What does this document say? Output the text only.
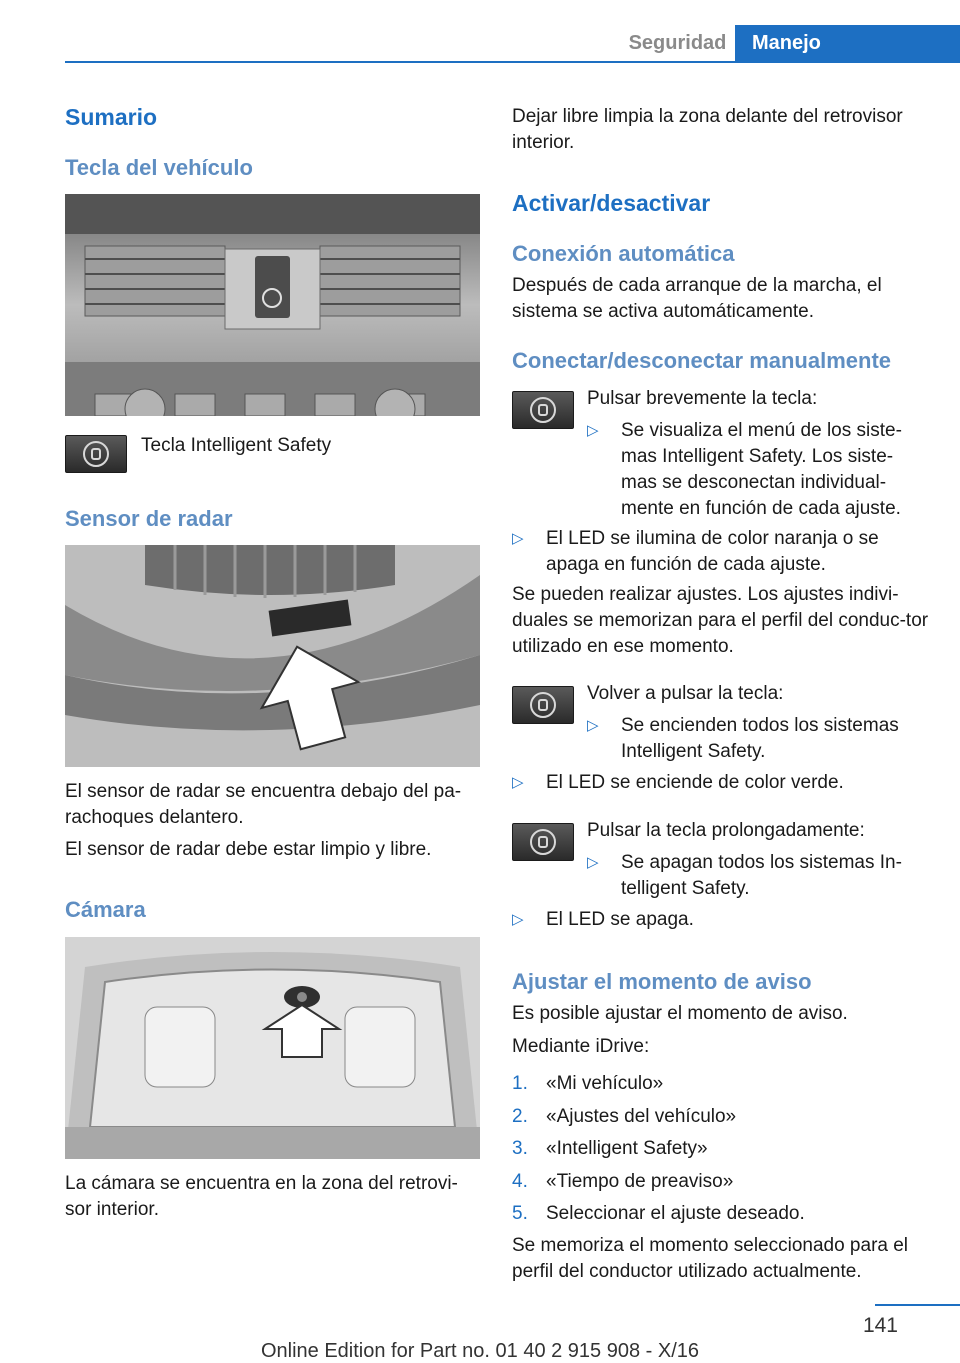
Seguridad	Manejo
Sumario
Tecla del vehículo

Tecla Intelligent Safety

Sensor de radar

El sensor de radar se encuentra debajo del pa‐rachoques delantero.

El sensor de radar debe estar limpio y libre.

Cámara

La cámara se encuentra en la zona del retrovi‐sor interior.

Dejar libre limpia la zona delante del retrovisor interior.

Activar/desactivar
Conexión automática

Después de cada arranque de la marcha, el sistema se activa automáticamente.

Conectar/desconectar manualmente

Pulsar brevemente la tecla:

▷	Se visualiza el menú de los siste‐mas Intelligent Safety. Los siste‐mas se desconectan individual‐mente en función de cada ajuste.
▷	El LED se ilumina de color naranja o se apaga en función de cada ajuste.

Se pueden realizar ajustes. Los ajustes indivi‐duales se memorizan para el perfil del conduc‐tor utilizado en ese momento.

Volver a pulsar la tecla:

▷	Se encienden todos los sistemas Intelligent Safety.
▷	El LED se enciende de color verde.

Pulsar la tecla prolongadamente:

▷	Se apagan todos los sistemas In‐telligent Safety.
▷	El LED se apaga.
Ajustar el momento de aviso

Es posible ajustar el momento de aviso.

Mediante iDrive:

1. «Mi vehículo»
2. «Ajustes del vehículo»
3. «Intelligent Safety»
4. «Tiempo de preaviso»
5. Seleccionar el ajuste deseado.

Se memoriza el momento seleccionado para el perfil del conductor utilizado actualmente.

141
Online Edition for Part no. 01 40 2 915 908 - X/16
